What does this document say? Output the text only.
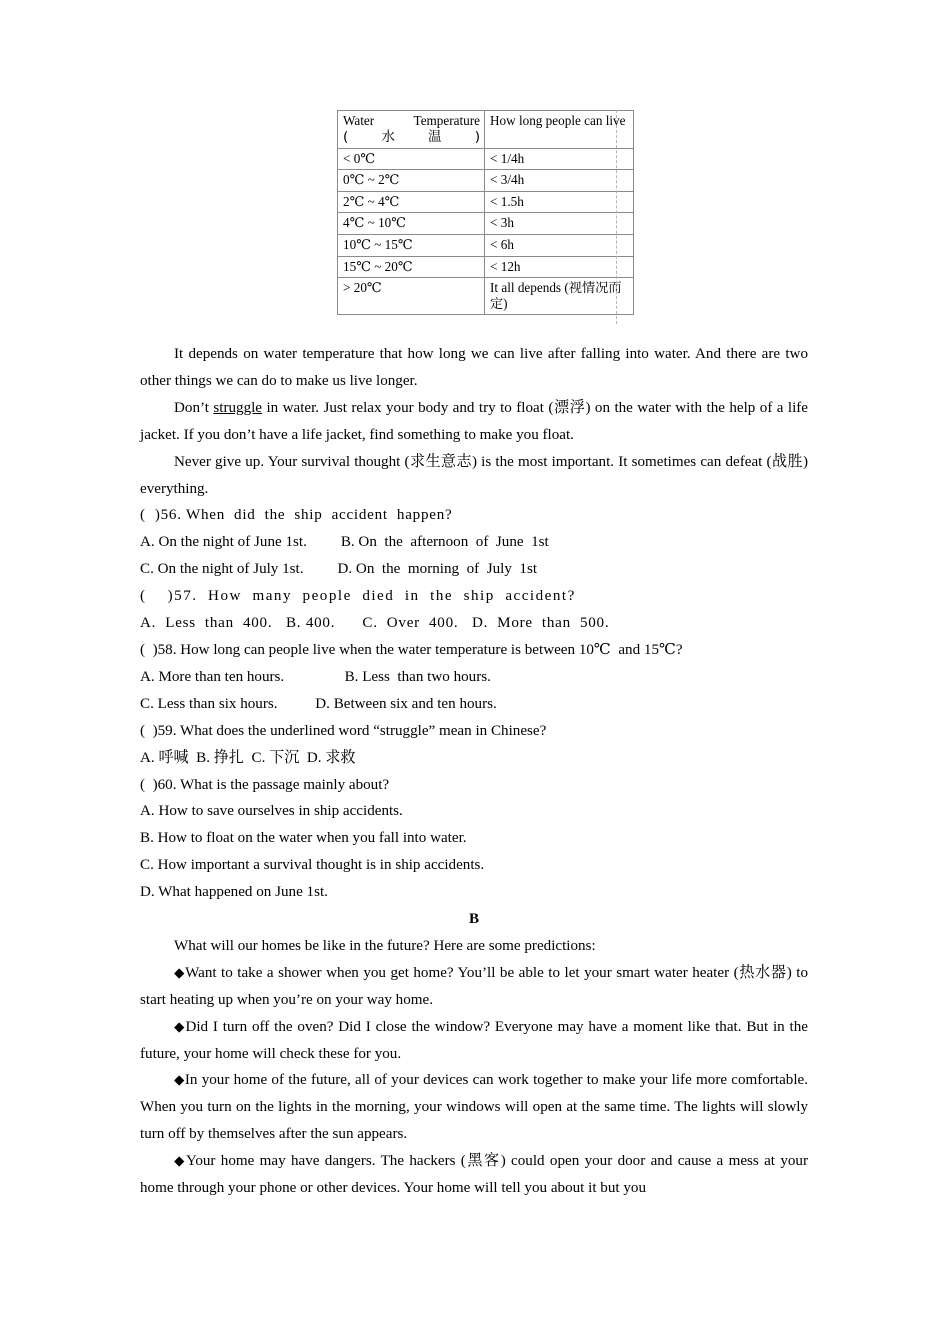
Water Temperature
(水温)	How long people can live

< 0℃	< 1/4h
0℃ ~ 2℃	< 3/4h
2℃ ~ 4℃	< 1.5h
4℃ ~ 10℃	< 3h
10℃ ~ 15℃	< 6h
15℃ ~ 20℃	< 12h
> 20℃	It all depends (视情况而定)

It depends on water temperature that how long we can live after falling into water. And there are two other things we can do to make us live longer.

Don’t struggle in water. Just relax your body and try to float (漂浮) on the water with the help of a life jacket. If you don’t have a life jacket, find something to make you float.

Never give up. Your survival thought (求生意志) is the most important. It sometimes can defeat (战胜) everything.

(  )56. When  did  the  ship  accident  happen?

A. On the night of June 1st.         B. On  the  afternoon  of  June  1st

C. On the night of July 1st.         D. On  the  morning  of  July  1st

(    )57.  How  many  people  died  in  the  ship  accident?

A.  Less  than  400.   B. 400.      C.  Over  400.   D.  More  than  500.

(  )58. How long can people live when the water temperature is between 10℃  and 15℃?

A. More than ten hours.                B. Less  than two hours.

C. Less than six hours.          D. Between six and ten hours.

(  )59. What does the underlined word “struggle” mean in Chinese?

A. 呼喊  B. 挣扎  C. 下沉  D. 求救

(  )60. What is the passage mainly about?

A. How to save ourselves in ship accidents.

B. How to float on the water when you fall into water.

C. How important a survival thought is in ship accidents.

D. What happened on June 1st.

B

What will our homes be like in the future? Here are some predictions:

◆Want to take a shower when you get home? You’ll be able to let your smart water heater (热水器) to start heating up when you’re on your way home.

◆Did I turn off the oven? Did I close the window? Everyone may have a moment like that. But in the future, your home will check these for you.

◆In your home of the future, all of your devices can work together to make your life more comfortable. When you turn on the lights in the morning, your windows will open at the same time. The lights will slowly turn off by themselves after the sun appears.

◆Your home may have dangers. The hackers (黑客) could open your door and cause a mess at your home through your phone or other devices. Your home will tell you about it but you
